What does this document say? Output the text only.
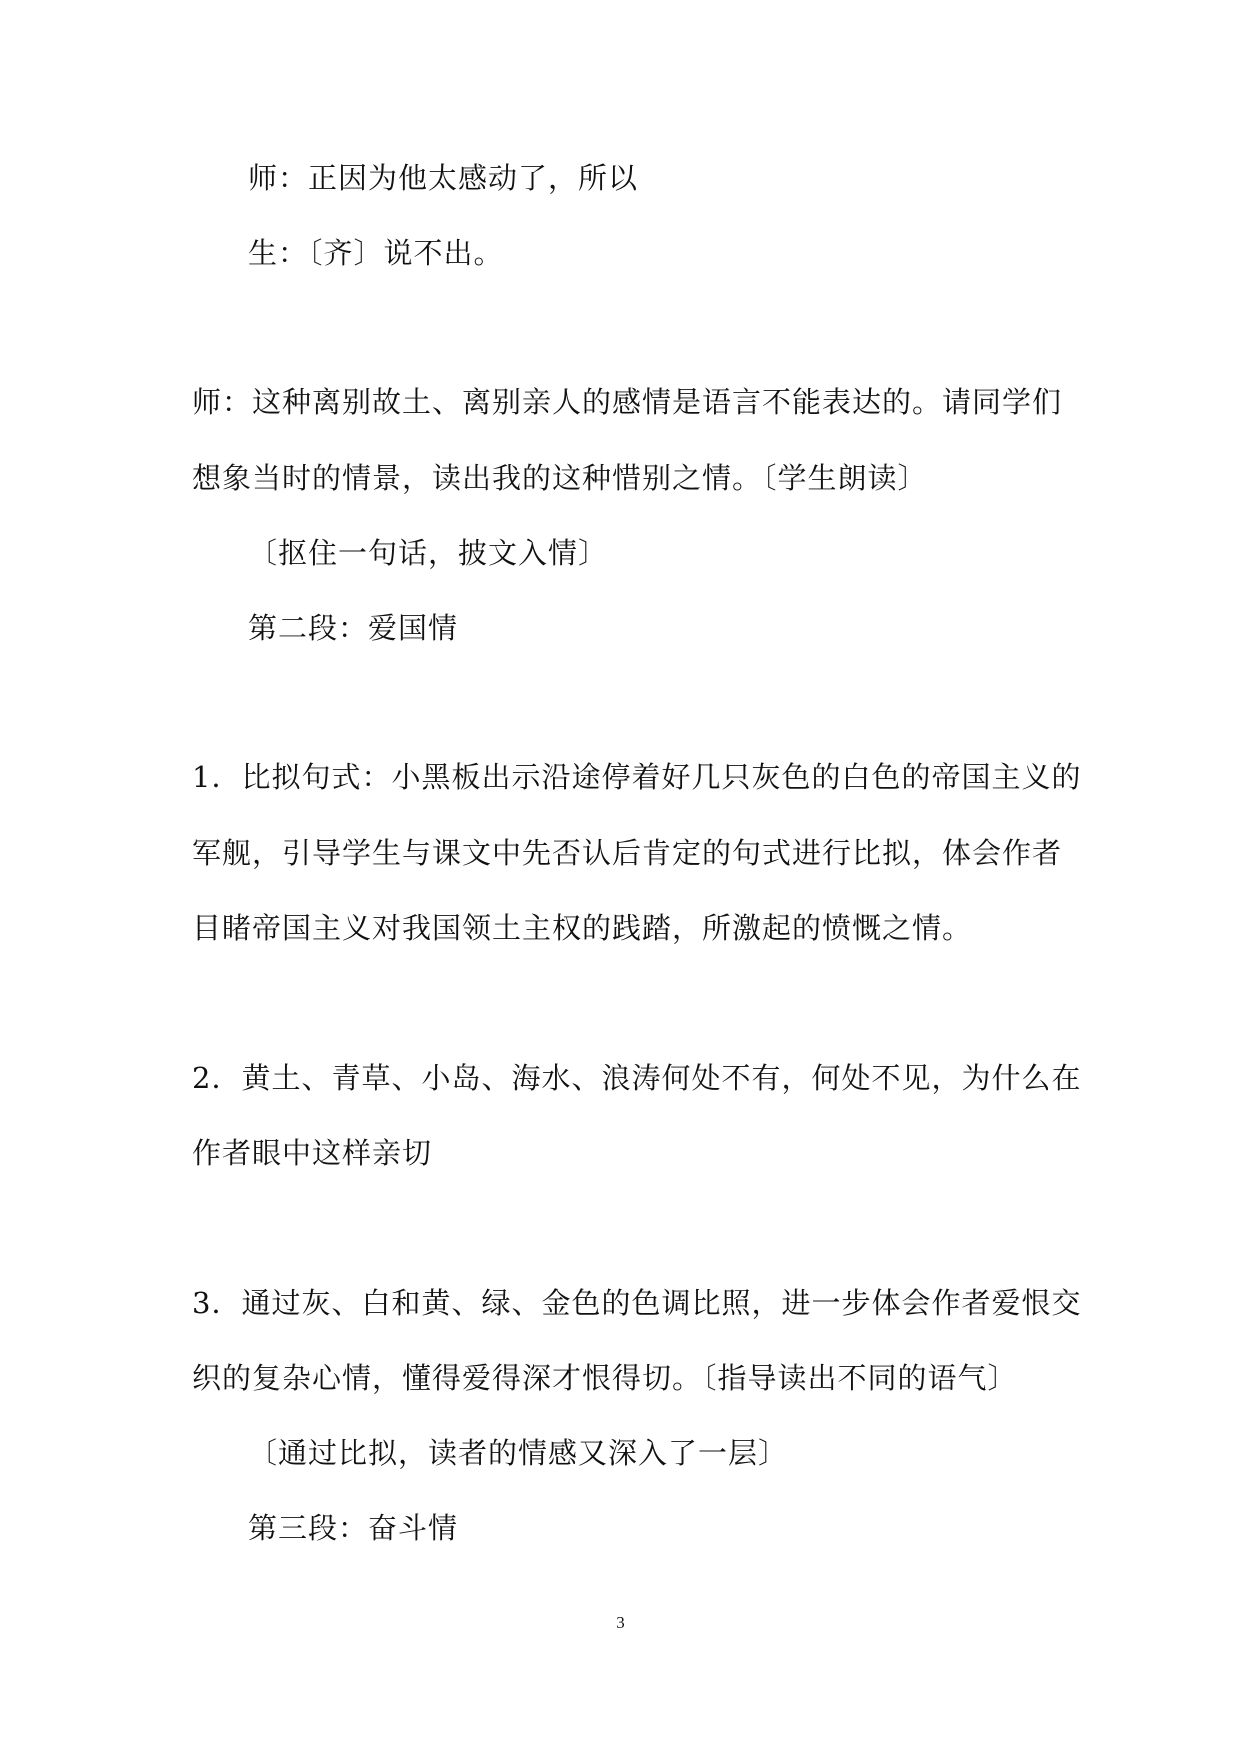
师：正因为他太感动了，所以
生：〔齐〕说不出。
师：这种离别故土、离别亲人的感情是语言不能表达的。请同学们
想象当时的情景，读出我的这种惜别之情。〔学生朗读〕
〔抠住一句话，披文入情〕
第二段：爱国情
1．比拟句式：小黑板出示沿途停着好几只灰色的白色的帝国主义的
军舰，引导学生与课文中先否认后肯定的句式进行比拟，体会作者
目睹帝国主义对我国领土主权的践踏，所激起的愤慨之情。
2．黄土、青草、小岛、海水、浪涛何处不有，何处不见，为什么在
作者眼中这样亲切
3．通过灰、白和黄、绿、金色的色调比照，进一步体会作者爱恨交
织的复杂心情，懂得爱得深才恨得切。〔指导读出不同的语气〕
〔通过比拟，读者的情感又深入了一层〕
第三段：奋斗情
3
